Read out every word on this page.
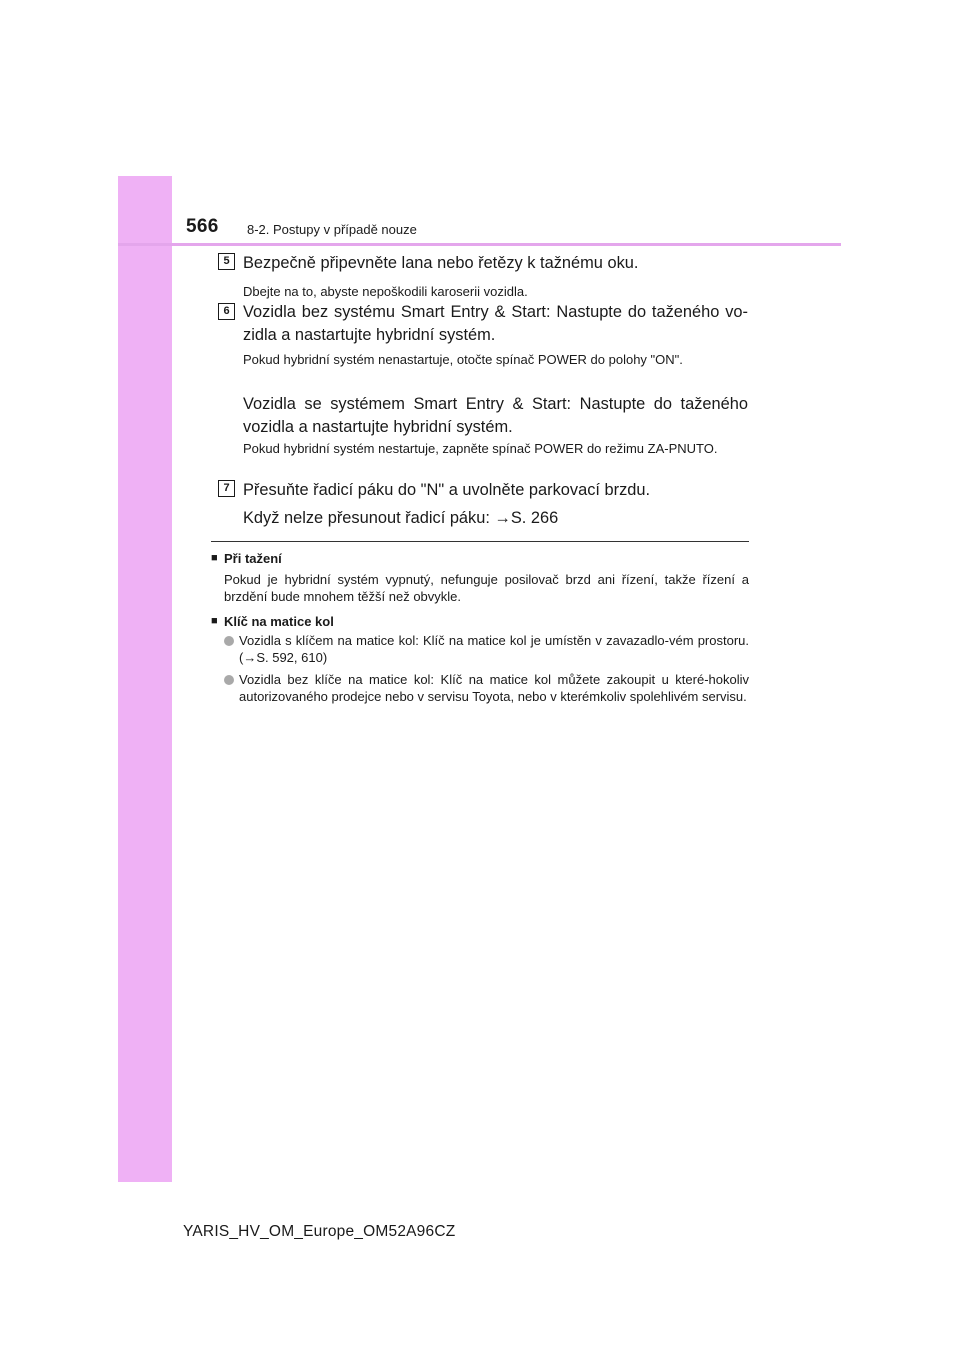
566 8-2. Postupy v případě nouze
5 Bezpečně připevněte lana nebo řetězy k tažnému oku.
Dbejte na to, abyste nepoškodili karoserii vozidla.
6 Vozidla bez systému Smart Entry & Start: Nastupte do taženého vo-zidla a nastartujte hybridní systém.
Pokud hybridní systém nenastartuje, otočte spínač POWER do polohy "ON".
Vozidla se systémem Smart Entry & Start: Nastupte do taženého vozidla a nastartujte hybridní systém.
Pokud hybridní systém nestartuje, zapněte spínač POWER do režimu ZA-PNUTO.
7 Přesuňte řadicí páku do "N" a uvolněte parkovací brzdu.
Když nelze přesunout řadicí páku: →S. 266
■ Při tažení
Pokud je hybridní systém vypnutý, nefunguje posilovač brzd ani řízení, takže řízení a brzdění bude mnohem těžší než obvykle.
■ Klíč na matice kol
Vozidla s klíčem na matice kol: Klíč na matice kol je umístěn v zavazadlo-vém prostoru. (→S. 592, 610)
Vozidla bez klíče na matice kol: Klíč na matice kol můžete zakoupit u které-hokoliv autorizovaného prodejce nebo v servisu Toyota, nebo v kterémkoliv spolehlivém servisu.
YARIS_HV_OM_Europe_OM52A96CZ
